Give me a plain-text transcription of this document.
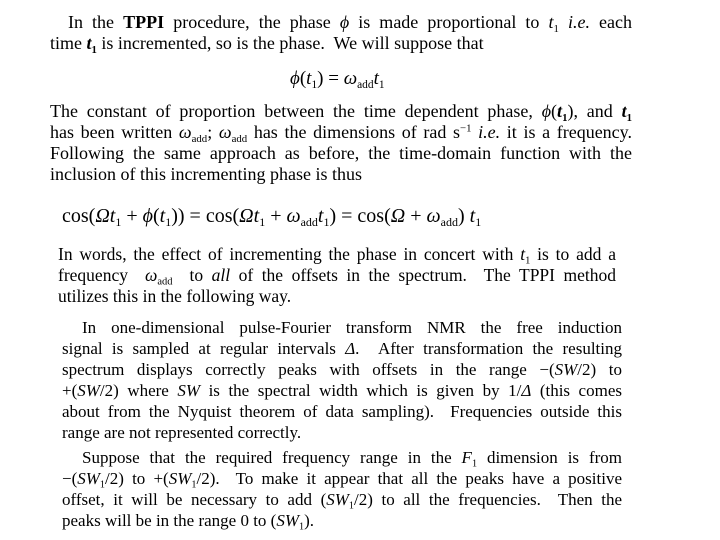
In the TPPI procedure, the phase ϕ is made proportional to $t_1$ i.e. each
time $t_1$ is incremented, so is the phase.  We will suppose that
$\phi(t_1) = \omega_{add}t_1$
The constant of proportion between the time dependent phase, $\phi(t_1)$, and $t_1$
has been written $\omega_{add}$; $\omega_{add}$ has the dimensions of rad $s^{-1}$ i.e. it is a frequency.
Following the same approach as before, the time-domain function with the
inclusion of this incrementing phase is thus
$\cos(\Omega t_1 + \phi(t_1)) = \cos(\Omega t_1 + \omega_{add}t_1) = \cos(\Omega + \omega_{add})$ $t_1$
In words, the effect of incrementing the phase in concert with $t_1$ is to add a
frequency  $\omega_{add}$  to all of the offsets in the spectrum.  The TPPI method
utilizes this in the following way.
In one-dimensional pulse-Fourier transform NMR the free induction
signal is sampled at regular intervals Δ.  After transformation the resulting
spectrum displays correctly peaks with offsets in the range −(SW/2) to
+(SW/2) where SW is the spectral width which is given by 1/Δ (this comes
about from the Nyquist theorem of data sampling).  Frequencies outside this
range are not represented correctly.
Suppose that the required frequency range in the $F_1$ dimension is from
$-(SW_1/2)$ to $+(SW_1/2)$.  To make it appear that all the peaks have a positive
offset, it will be necessary to add $(SW_1/2)$ to all the frequencies.  Then the
peaks will be in the range 0 to $(SW_1)$.
